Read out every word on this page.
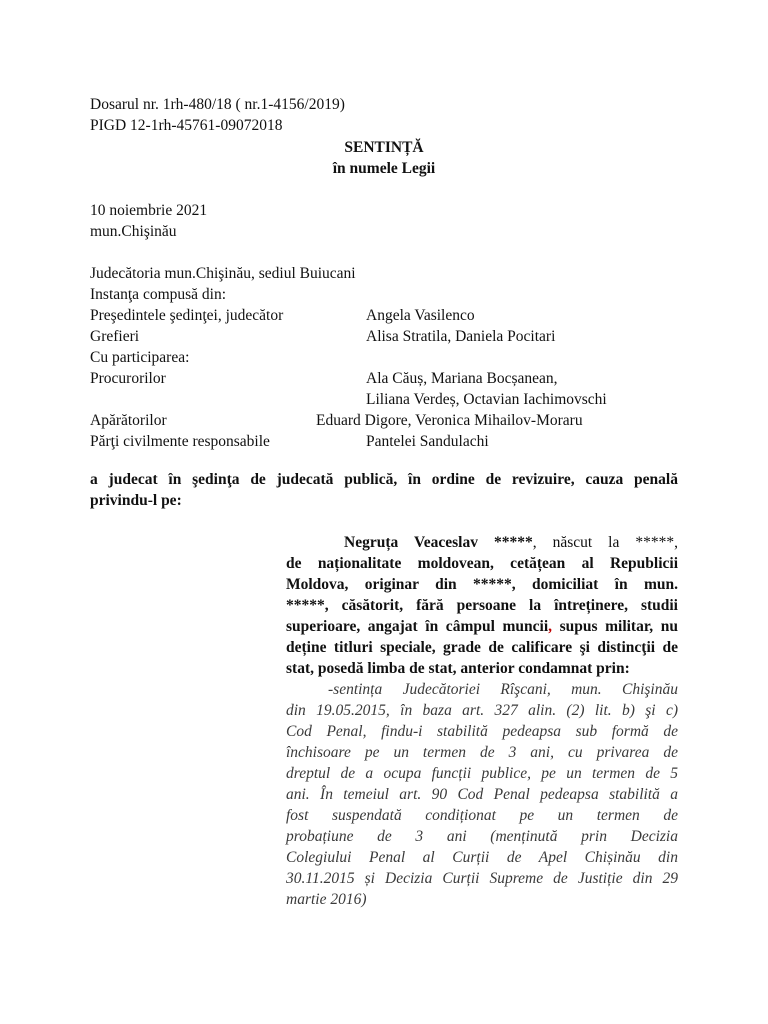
Dosarul nr. 1rh-480/18 ( nr.1-4156/2019)
PIGD 12-1rh-45761-09072018
SENTINȚĂ
în numele Legii
10 noiembrie 2021
mun.Chişinău
Judecătoria mun.Chişinău, sediul Buiucani
Instanţa compusă din:
Preşedintele şedinţei, judecător	Angela Vasilenco
Grefieri	Alisa Stratila, Daniela Pocitari
Cu participarea:
Procurorilor	Ala Căuș, Mariana Bocșanean,
Liliana Verdeș, Octavian Iachimovschi
Apărătorilor	Eduard Digore, Veronica Mihailov-Moraru
Părţi civilmente responsabile	Pantelei Sandulachi
a judecat în şedinţa de judecată publică, în ordine de revizuire, cauza penală
privindu-l pe:
Negruța Veaceslav *****, născut la *****,
de naționalitate moldovean, cetățean al Republicii
Moldova, originar din *****, domiciliat în mun.
*****, căsătorit, fără persoane la întreținere, studii
superioare, angajat în câmpul muncii, supus militar, nu
deține titluri speciale, grade de calificare şi distincţii de
stat, posedă limba de stat, anterior condamnat prin:
-sentința Judecătoriei Rîşcani, mun. Chişinău
din 19.05.2015, în baza art. 327 alin. (2) lit. b) şi c)
Cod Penal, findu-i stabilită pedeapsa sub formă de
închisoare pe un termen de 3 ani, cu privarea de
dreptul de a ocupa funcții publice, pe un termen de 5
ani. În temeiul art. 90 Cod Penal pedeapsa stabilită a
fost suspendată condiționat pe un termen de
probațiune de 3 ani (menținută prin Decizia
Colegiului Penal al Curții de Apel Chișinău din
30.11.2015 și Decizia Curții Supreme de Justiție din 29
martie 2016)
